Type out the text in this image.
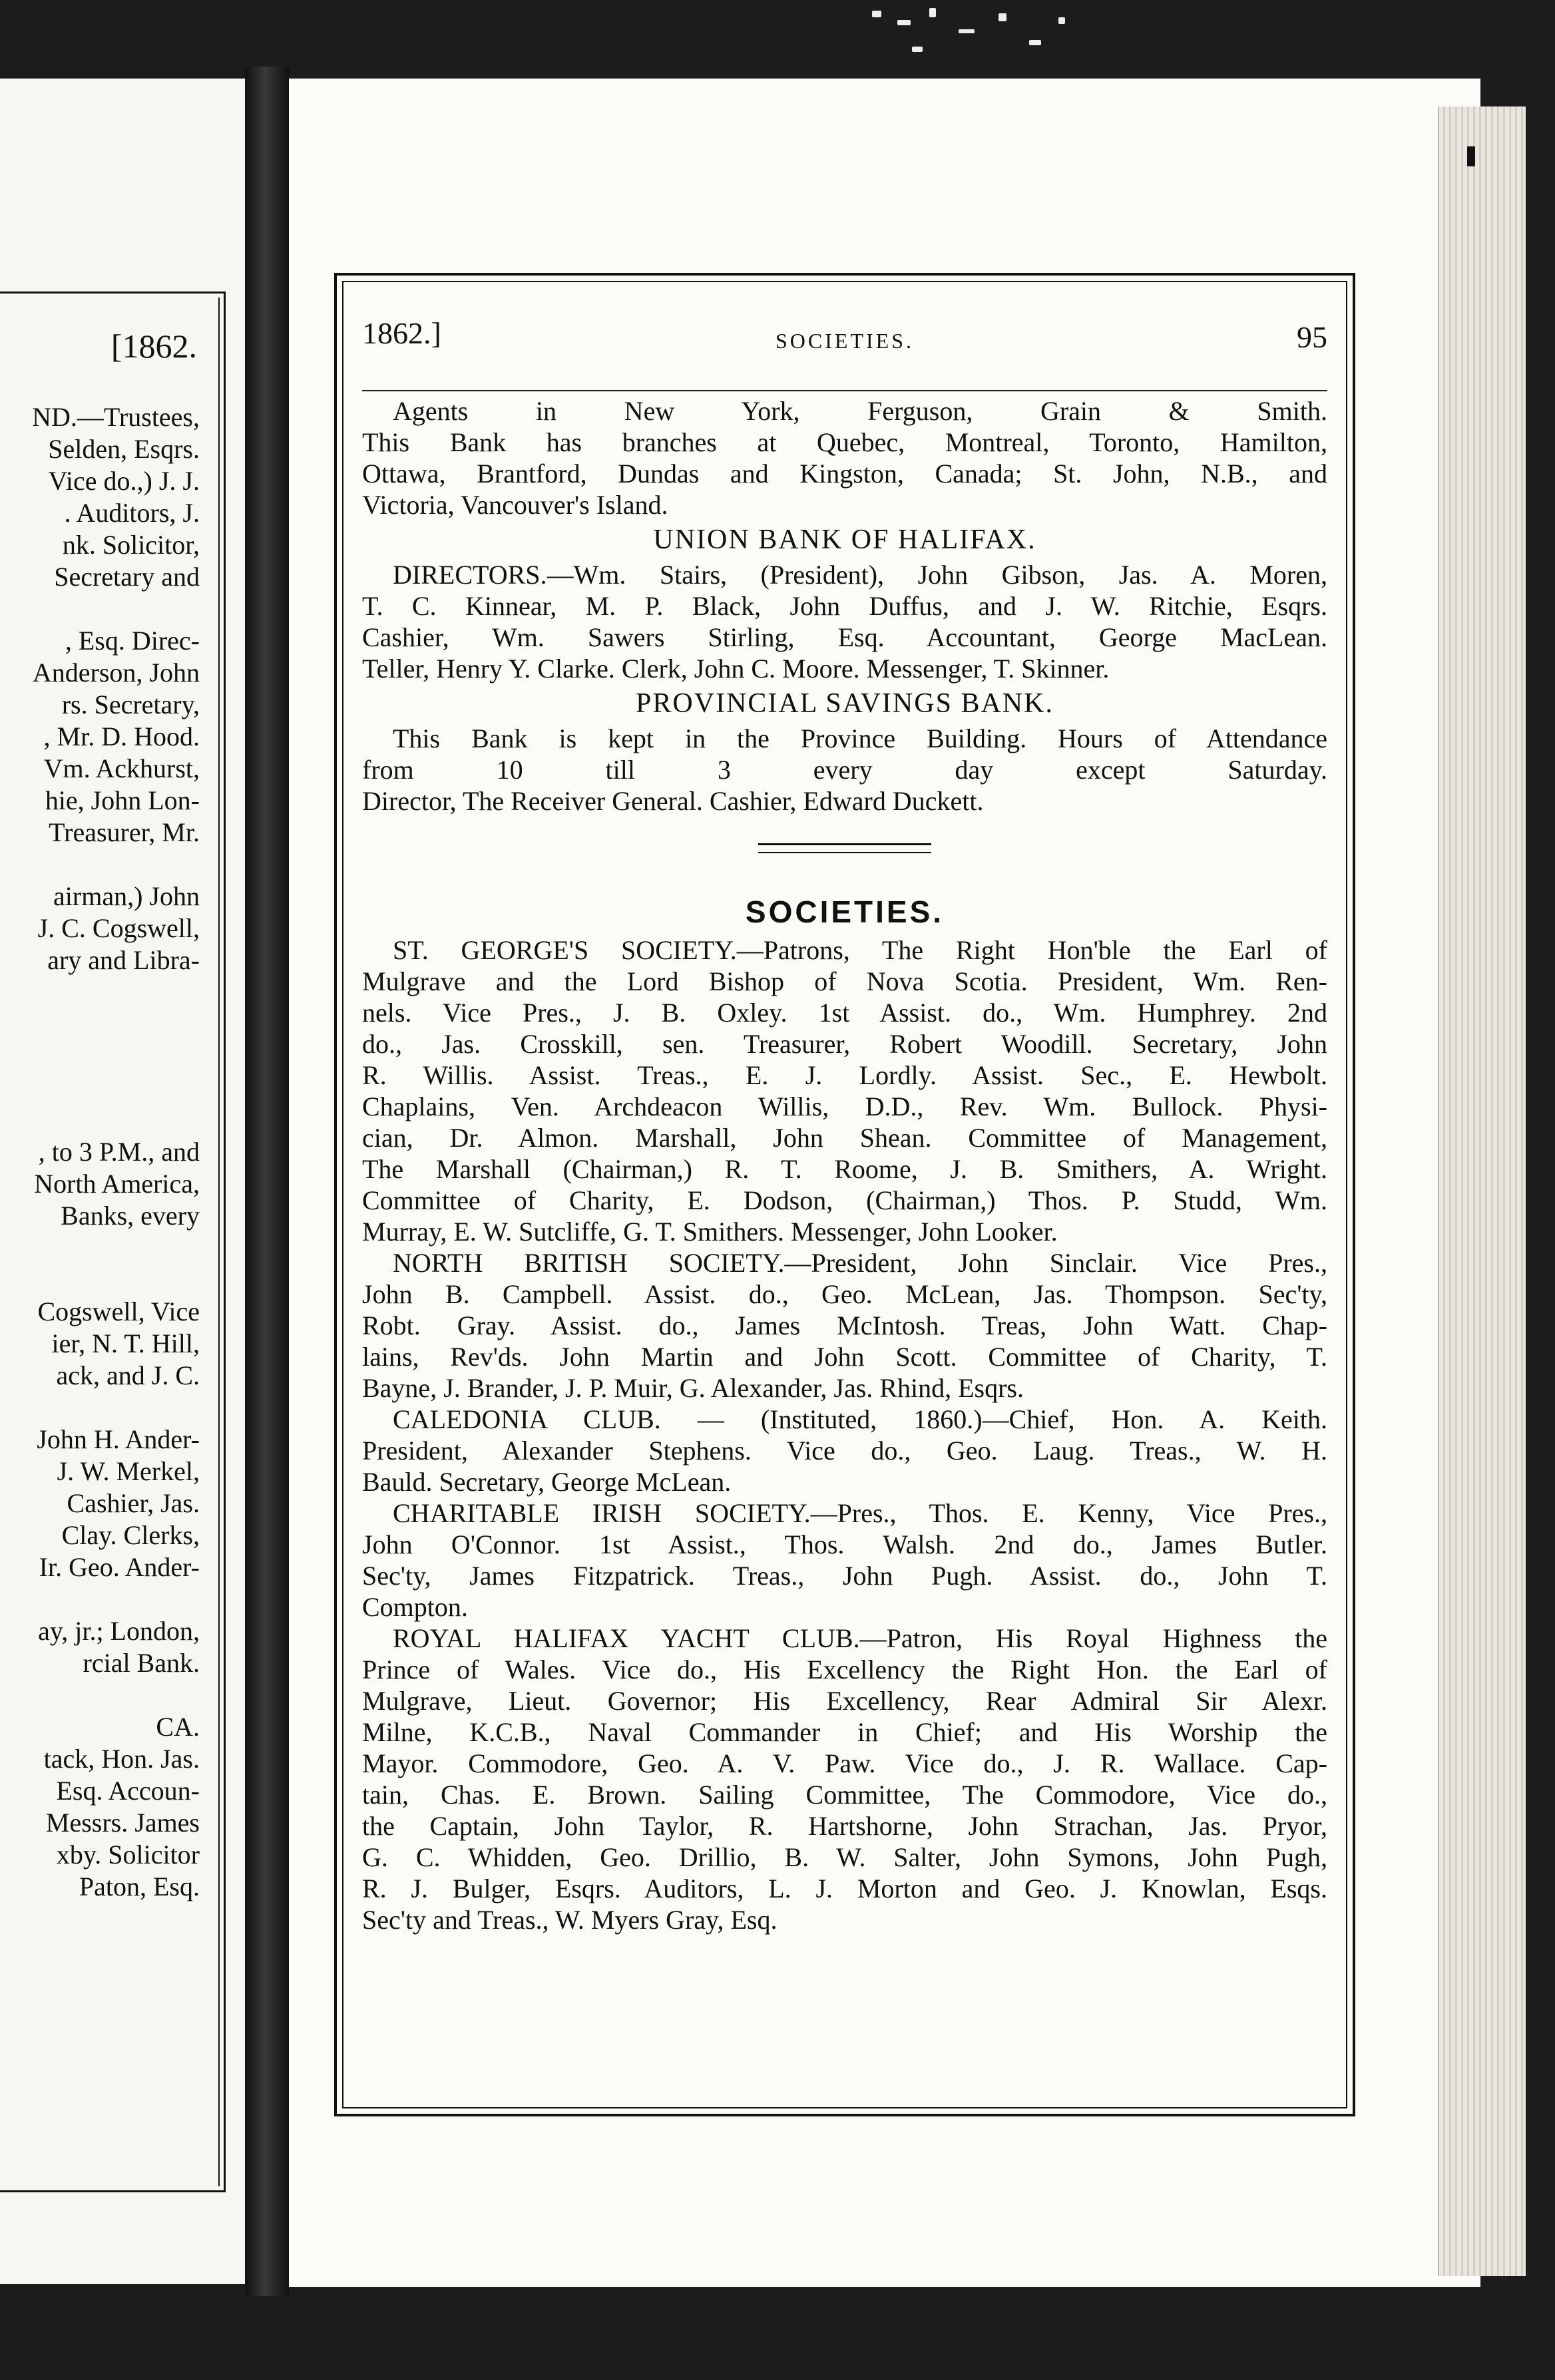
[1862.
ND.—Trustees,
Selden, Esqrs.
Vice do.,) J. J.
. Auditors, J.
nk. Solicitor,
Secretary and
, Esq. Direc-
Anderson, John
rs. Secretary,
, Mr. D. Hood.
Vm. Ackhurst,
hie, John Lon-
Treasurer, Mr.
airman,) John
J. C. Cogswell,
ary and Libra-
, to 3 P.M., and
North America,
Banks, every
Cogswell, Vice
ier, N. T. Hill,
ack, and J. C.
John H. Ander-
J. W. Merkel,
Cashier, Jas.
Clay. Clerks,
Ir. Geo. Ander-
ay, jr.; London,
rcial Bank.
CA.
tack, Hon. Jas.
Esq. Accoun-
Messrs. James
xby. Solicitor
Paton, Esq.
1862.]	SOCIETIES.	95
Agents in New York, Ferguson, Grain & Smith.
This Bank has branches at Quebec, Montreal, Toronto, Hamilton,
Ottawa, Brantford, Dundas and Kingston, Canada; St. John, N.B., and
Victoria, Vancouver's Island.
UNION BANK OF HALIFAX.
DIRECTORS.—Wm. Stairs, (President), John Gibson, Jas. A. Moren,
T. C. Kinnear, M. P. Black, John Duffus, and J. W. Ritchie, Esqrs.
Cashier, Wm. Sawers Stirling, Esq. Accountant, George MacLean.
Teller, Henry Y. Clarke. Clerk, John C. Moore. Messenger, T. Skinner.
PROVINCIAL SAVINGS BANK.
This Bank is kept in the Province Building. Hours of Attendance
from 10 till 3 every day except Saturday.
Director, The Receiver General. Cashier, Edward Duckett.
SOCIETIES.
ST. GEORGE'S SOCIETY.—Patrons, The Right Hon'ble the Earl of
Mulgrave and the Lord Bishop of Nova Scotia. President, Wm. Ren-
nels. Vice Pres., J. B. Oxley. 1st Assist. do., Wm. Humphrey. 2nd
do., Jas. Crosskill, sen. Treasurer, Robert Woodill. Secretary, John
R. Willis. Assist. Treas., E. J. Lordly. Assist. Sec., E. Hewbolt.
Chaplains, Ven. Archdeacon Willis, D.D., Rev. Wm. Bullock. Physi-
cian, Dr. Almon. Marshall, John Shean. Committee of Management,
The Marshall (Chairman,) R. T. Roome, J. B. Smithers, A. Wright.
Committee of Charity, E. Dodson, (Chairman,) Thos. P. Studd, Wm.
Murray, E. W. Sutcliffe, G. T. Smithers. Messenger, John Looker.
NORTH BRITISH SOCIETY.—President, John Sinclair. Vice Pres.,
John B. Campbell. Assist. do., Geo. McLean, Jas. Thompson. Sec'ty,
Robt. Gray. Assist. do., James McIntosh. Treas, John Watt. Chap-
lains, Rev'ds. John Martin and John Scott. Committee of Charity, T.
Bayne, J. Brander, J. P. Muir, G. Alexander, Jas. Rhind, Esqrs.
CALEDONIA CLUB. — (Instituted, 1860.)—Chief, Hon. A. Keith.
President, Alexander Stephens. Vice do., Geo. Laug. Treas., W. H.
Bauld. Secretary, George McLean.
CHARITABLE IRISH SOCIETY.—Pres., Thos. E. Kenny, Vice Pres.,
John O'Connor. 1st Assist., Thos. Walsh. 2nd do., James Butler.
Sec'ty, James Fitzpatrick. Treas., John Pugh. Assist. do., John T.
Compton.
ROYAL HALIFAX YACHT CLUB.—Patron, His Royal Highness the
Prince of Wales. Vice do., His Excellency the Right Hon. the Earl of
Mulgrave, Lieut. Governor; His Excellency, Rear Admiral Sir Alexr.
Milne, K.C.B., Naval Commander in Chief; and His Worship the
Mayor. Commodore, Geo. A. V. Paw. Vice do., J. R. Wallace. Cap-
tain, Chas. E. Brown. Sailing Committee, The Commodore, Vice do.,
the Captain, John Taylor, R. Hartshorne, John Strachan, Jas. Pryor,
G. C. Whidden, Geo. Drillio, B. W. Salter, John Symons, John Pugh,
R. J. Bulger, Esqrs. Auditors, L. J. Morton and Geo. J. Knowlan, Esqs.
Sec'ty and Treas., W. Myers Gray, Esq.
